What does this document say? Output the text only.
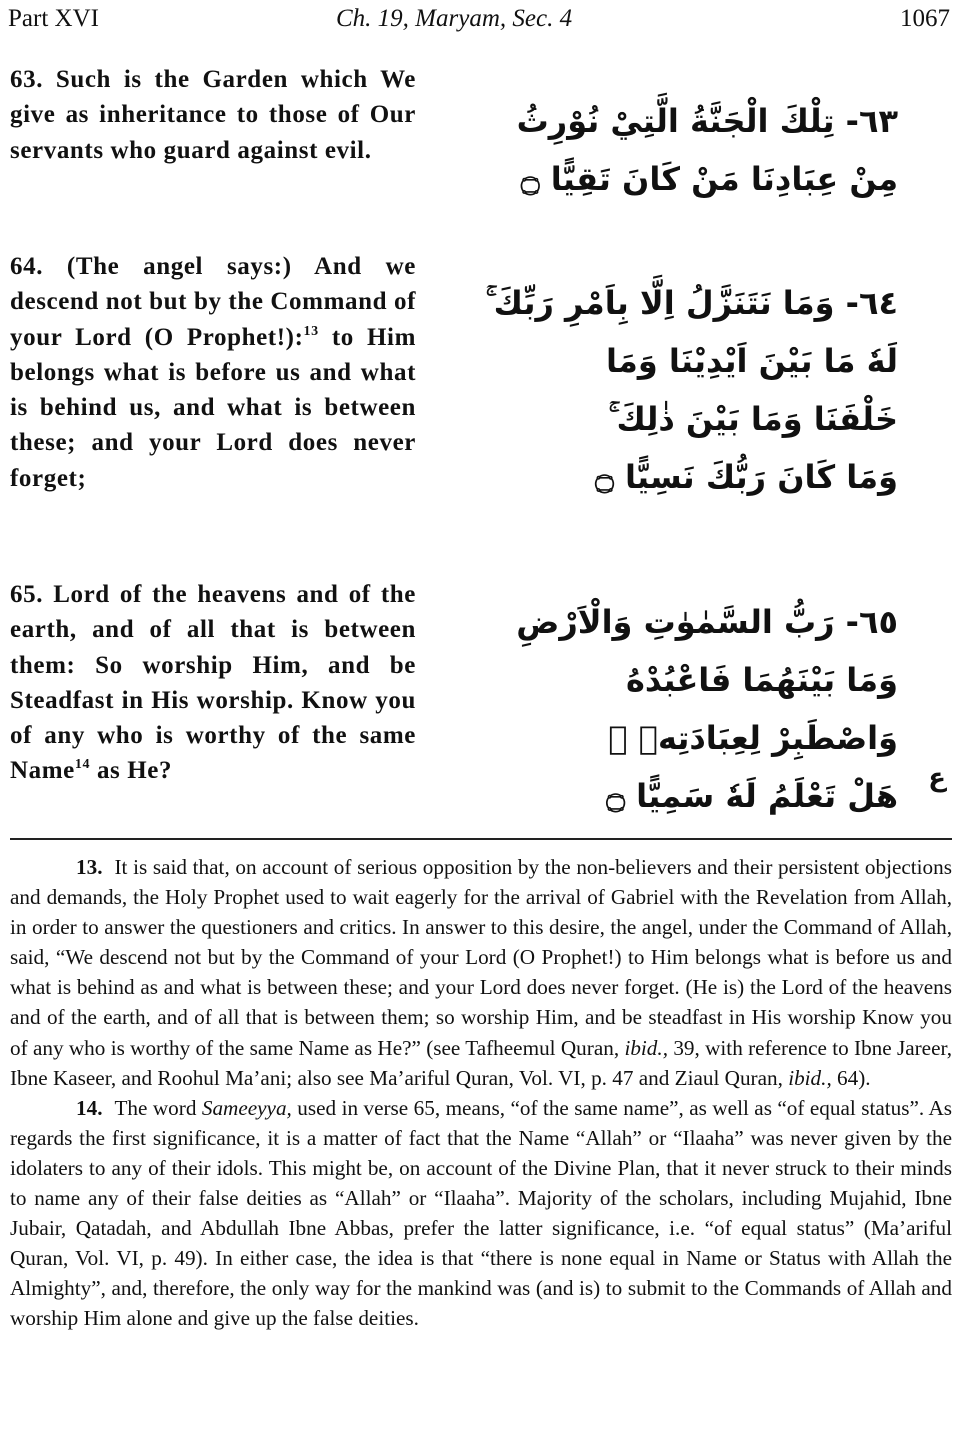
Part XVI	Ch. 19, Maryam, Sec. 4	1067
63. Such is the Garden which We give as inheritance to those of Our servants who guard against evil.
٦٣- تِلْكَ الْجَنَّةُ الَّتِيْ نُوْرِثُ
مِنْ عِبَادِنَا مَنْ كَانَ تَقِيًّا ۝
64. (The angel says:) And we descend not but by the Command of your Lord (O Prophet!):$^{13}$ to Him belongs what is before us and what is behind us, and what is between these; and your Lord does never forget;
٦٤- وَمَا نَتَنَزَّلُ اِلَّا بِاَمْرِ رَبِّكَ ۚ
لَهٗ مَا بَيْنَ اَيْدِيْنَا وَمَا
خَلْفَنَا وَمَا بَيْنَ ذٰلِكَ ۚ
وَمَا كَانَ رَبُّكَ نَسِيًّا ۝
65. Lord of the heavens and of the earth, and of all that is between them: So worship Him, and be Steadfast in His worship. Know you of any who is worthy of the same Name$^{14}$ as He?
٦٥- رَبُّ السَّمٰوٰتِ وَالْاَرْضِ
وَمَا بَيْنَهُمَا فَاعْبُدْهُ
وَاصْطَبِرْ لِعِبَادَتِهٖ ۚ
هَلْ تَعْلَمُ لَهٗ سَمِيًّا ۝ ع

13. It is said that, on account of serious opposition by the non-believers and their persistent objections and demands, the Holy Prophet used to wait eagerly for the arrival of Gabriel with the Revelation from Allah, in order to answer the questioners and critics. In answer to this desire, the angel, under the Command of Allah, said, “We descend not but by the Command of your Lord (O Prophet!) to Him belongs what is before us and what is behind as and what is between these; and your Lord does never forget. (He is) the Lord of the heavens and of the earth, and of all that is between them; so worship Him, and be steadfast in His worship Know you of any who is worthy of the same Name as He?” (see Tafheemul Quran, ibid., 39, with reference to Ibne Jareer, Ibne Kaseer, and Roohul Ma’ani; also see Ma’ariful Quran, Vol. VI, p. 47 and Ziaul Quran, ibid., 64).

14. The word Sameeyya, used in verse 65, means, “of the same name”, as well as “of equal status”. As regards the first significance, it is a matter of fact that the Name “Allah” or “Ilaaha” was never given by the idolaters to any of their idols. This might be, on account of the Divine Plan, that it never struck to their minds to name any of their false deities as “Allah” or “Ilaaha”. Majority of the scholars, including Mujahid, Ibne Jubair, Qatadah, and Abdullah Ibne Abbas, prefer the latter significance, i.e. “of equal status” (Ma’ariful Quran, Vol. VI, p. 49). In either case, the idea is that “there is none equal in Name or Status with Allah the Almighty”, and, therefore, the only way for the mankind was (and is) to submit to the Commands of Allah and worship Him alone and give up the false deities.
